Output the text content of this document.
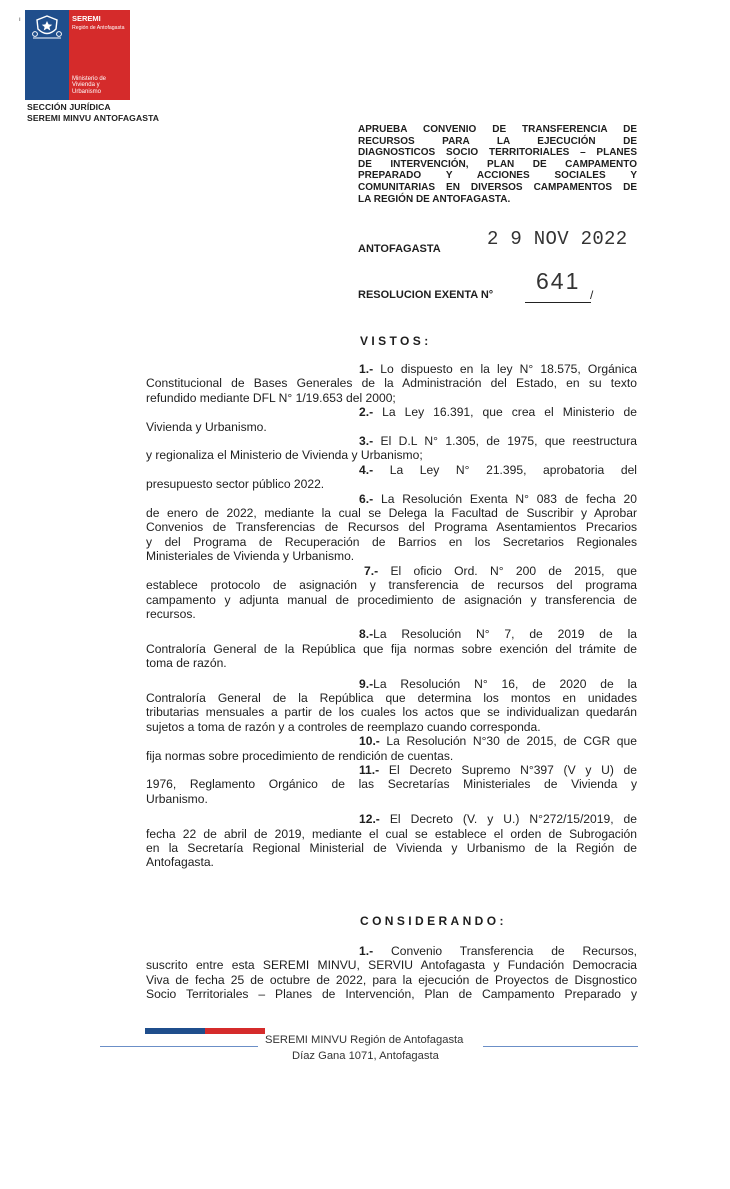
SEREMI
Región de Antofagasta
Ministerio de
Vivienda y
Urbanismo
ı
SECCIÓN JURÍDICA
SEREMI MINVU ANTOFAGASTA
APRUEBA CONVENIO DE TRANSFERENCIA DE
RECURSOS PARA LA EJECUCIÓN DE
DIAGNOSTICOS SOCIO TERRITORIALES – PLANES
DE INTERVENCIÓN, PLAN DE CAMPAMENTO
PREPARADO Y ACCIONES SOCIALES Y
COMUNITARIAS EN DIVERSOS CAMPAMENTOS DE
LA REGIÓN DE ANTOFAGASTA.
ANTOFAGASTA 2 9 NOV 2022
RESOLUCION EXENTA N°
641
/
VISTOS:
1.- Lo dispuesto en la ley N° 18.575, Orgánica
Constitucional de Bases Generales de la Administración del Estado, en su texto
refundido mediante DFL N° 1/19.653 del 2000;
2.- La Ley 16.391, que crea el Ministerio de
Vivienda y Urbanismo.
3.- El D.L N° 1.305, de 1975, que reestructura
y regionaliza el Ministerio de Vivienda y Urbanismo;
4.- La Ley N° 21.395, aprobatoria del
presupuesto sector público 2022.
6.- La Resolución Exenta N° 083 de fecha 20
de enero de 2022, mediante la cual se Delega la Facultad de Suscribir y Aprobar
Convenios de Transferencias de Recursos del Programa Asentamientos Precarios
y del Programa de Recuperación de Barrios en los Secretarios Regionales
Ministeriales de Vivienda y Urbanismo.
7.- El oficio Ord. N° 200 de 2015, que
establece protocolo de asignación y transferencia de recursos del programa
campamento y adjunta manual de procedimiento de asignación y transferencia de
recursos.
8.-La Resolución N° 7, de 2019 de la
Contraloría General de la República que fija normas sobre exención del trámite de
toma de razón.
9.-La Resolución N° 16, de 2020 de la
Contraloría General de la República que determina los montos en unidades
tributarias mensuales a partir de los cuales los actos que se individualizan quedarán
sujetos a toma de razón y a controles de reemplazo cuando corresponda.
10.- La Resolución N°30 de 2015, de CGR que
fija normas sobre procedimiento de rendición de cuentas.
11.- El Decreto Supremo N°397 (V y U) de
1976, Reglamento Orgánico de las Secretarías Ministeriales de Vivienda y
Urbanismo.
12.- El Decreto (V. y U.) N°272/15/2019, de
fecha 22 de abril de 2019, mediante el cual se establece el orden de Subrogación
en la Secretaría Regional Ministerial de Vivienda y Urbanismo de la Región de
Antofagasta.
CONSIDERANDO:
1.- Convenio Transferencia de Recursos,
suscrito entre esta SEREMI MINVU, SERVIU Antofagasta y Fundación Democracia
Viva de fecha 25 de octubre de 2022, para la ejecución de Proyectos de Disgnostico
Socio Territoriales – Planes de Intervención, Plan de Campamento Preparado y
SEREMI MINVU Región de Antofagasta
Díaz Gana 1071, Antofagasta
